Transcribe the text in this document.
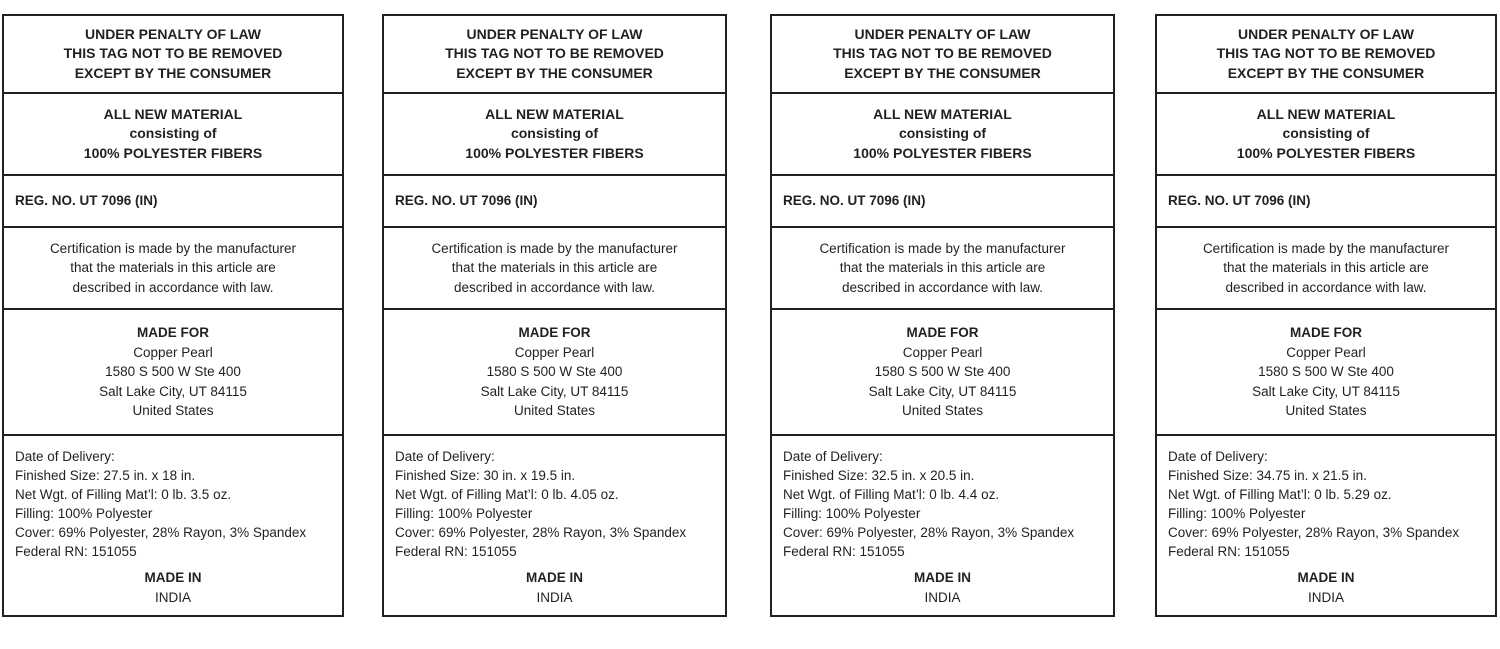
UNDER PENALTY OF LAW
THIS TAG NOT TO BE REMOVED
EXCEPT BY THE CONSUMER
ALL NEW MATERIAL
consisting of
100% POLYESTER FIBERS
REG. NO. UT 7096 (IN)
Certification is made by the manufacturer
that the materials in this article are
described in accordance with law.
MADE FOR
Copper Pearl
1580 S 500 W Ste 400
Salt Lake City, UT 84115
United States
Date of Delivery:
Finished Size: 27.5 in. x 18 in.
Net Wgt. of Filling Mat’l: 0 lb. 3.5 oz.
Filling: 100% Polyester
Cover: 69% Polyester, 28% Rayon, 3% Spandex
Federal RN: 151055
MADE IN
INDIA
UNDER PENALTY OF LAW
THIS TAG NOT TO BE REMOVED
EXCEPT BY THE CONSUMER
ALL NEW MATERIAL
consisting of
100% POLYESTER FIBERS
REG. NO. UT 7096 (IN)
Certification is made by the manufacturer
that the materials in this article are
described in accordance with law.
MADE FOR
Copper Pearl
1580 S 500 W Ste 400
Salt Lake City, UT 84115
United States
Date of Delivery:
Finished Size: 30 in. x 19.5 in.
Net Wgt. of Filling Mat’l: 0 lb. 4.05 oz.
Filling: 100% Polyester
Cover: 69% Polyester, 28% Rayon, 3% Spandex
Federal RN: 151055
MADE IN
INDIA
UNDER PENALTY OF LAW
THIS TAG NOT TO BE REMOVED
EXCEPT BY THE CONSUMER
ALL NEW MATERIAL
consisting of
100% POLYESTER FIBERS
REG. NO. UT 7096 (IN)
Certification is made by the manufacturer
that the materials in this article are
described in accordance with law.
MADE FOR
Copper Pearl
1580 S 500 W Ste 400
Salt Lake City, UT 84115
United States
Date of Delivery:
Finished Size: 32.5 in. x 20.5 in.
Net Wgt. of Filling Mat’l: 0 lb. 4.4 oz.
Filling: 100% Polyester
Cover: 69% Polyester, 28% Rayon, 3% Spandex
Federal RN: 151055
MADE IN
INDIA
UNDER PENALTY OF LAW
THIS TAG NOT TO BE REMOVED
EXCEPT BY THE CONSUMER
ALL NEW MATERIAL
consisting of
100% POLYESTER FIBERS
REG. NO. UT 7096 (IN)
Certification is made by the manufacturer
that the materials in this article are
described in accordance with law.
MADE FOR
Copper Pearl
1580 S 500 W Ste 400
Salt Lake City, UT 84115
United States
Date of Delivery:
Finished Size: 34.75 in. x 21.5 in.
Net Wgt. of Filling Mat’l: 0 lb. 5.29 oz.
Filling: 100% Polyester
Cover: 69% Polyester, 28% Rayon, 3% Spandex
Federal RN: 151055
MADE IN
INDIA
